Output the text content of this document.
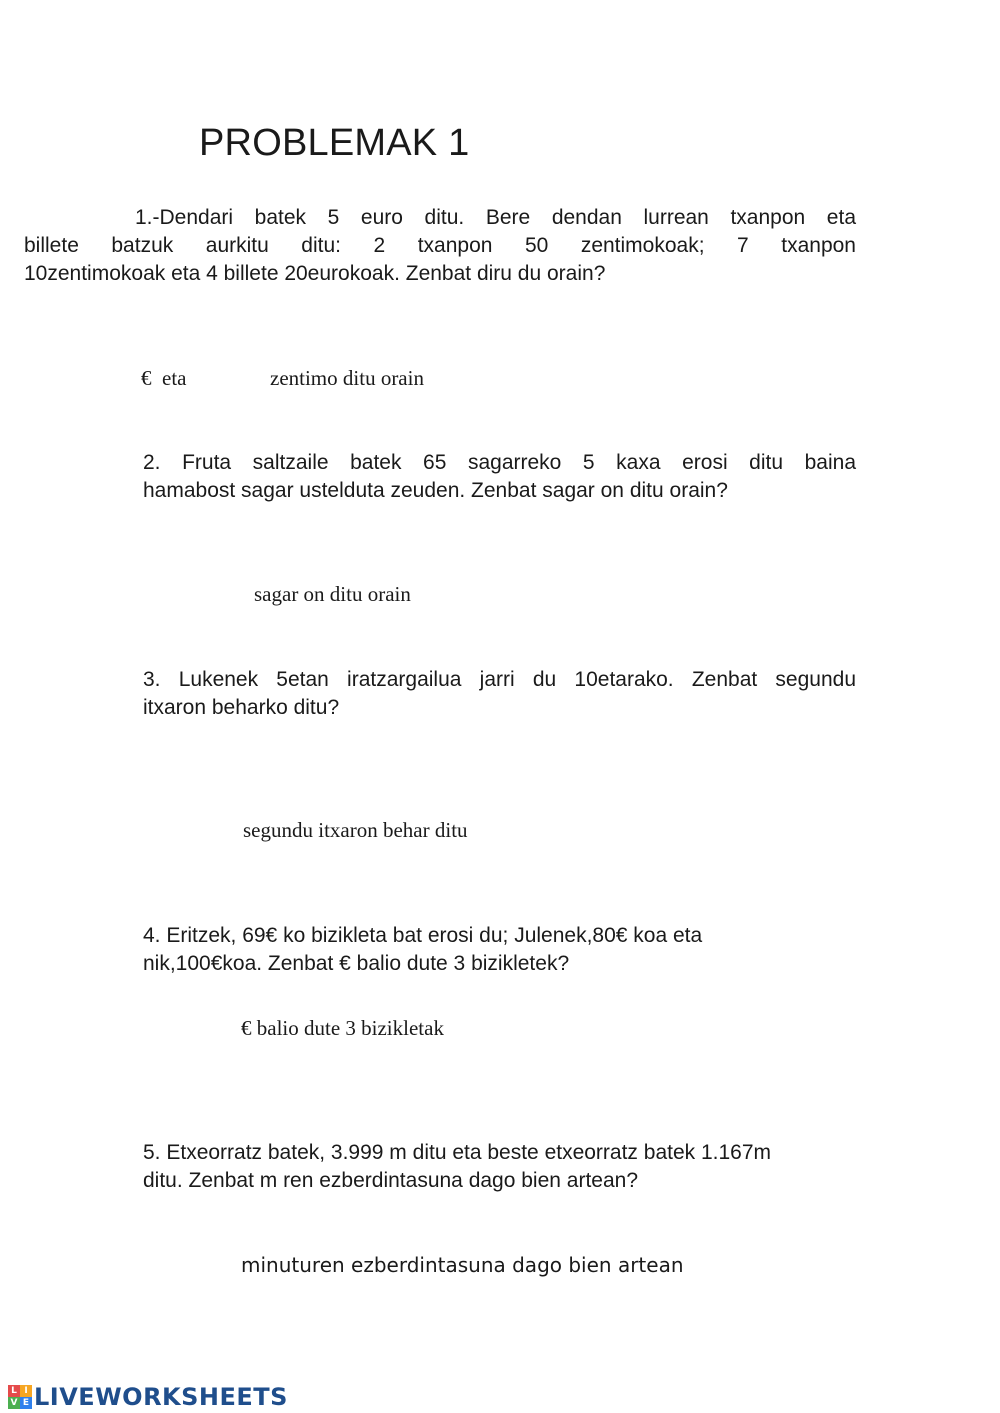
PROBLEMAK 1
1.-Dendari batek 5 euro ditu. Bere dendan lurrean txanpon eta
billete batzuk aurkitu ditu: 2 txanpon 50 zentimokoak; 7 txanpon
10zentimokoak eta 4 billete 20eurokoak. Zenbat diru du orain?
€  eta	zentimo ditu orain
2. Fruta saltzaile batek 65 sagarreko 5 kaxa erosi ditu baina
hamabost sagar ustelduta zeuden. Zenbat sagar on ditu orain?
sagar on ditu orain
3. Lukenek 5etan iratzargailua jarri du 10etarako. Zenbat segundu
itxaron beharko ditu?
segundu itxaron behar ditu
4. Eritzek, 69€ ko bizikleta bat erosi du; Julenek,80€ koa eta
nik,100€koa. Zenbat € balio dute 3 bizikletek?
€ balio dute 3 bizikletak
5. Etxeorratz batek, 3.999 m ditu eta beste etxeorratz batek 1.167m
ditu. Zenbat m ren ezberdintasuna dago bien artean?
minuturen ezberdintasuna dago bien artean
L I
V E LIVEWORKSHEETS
